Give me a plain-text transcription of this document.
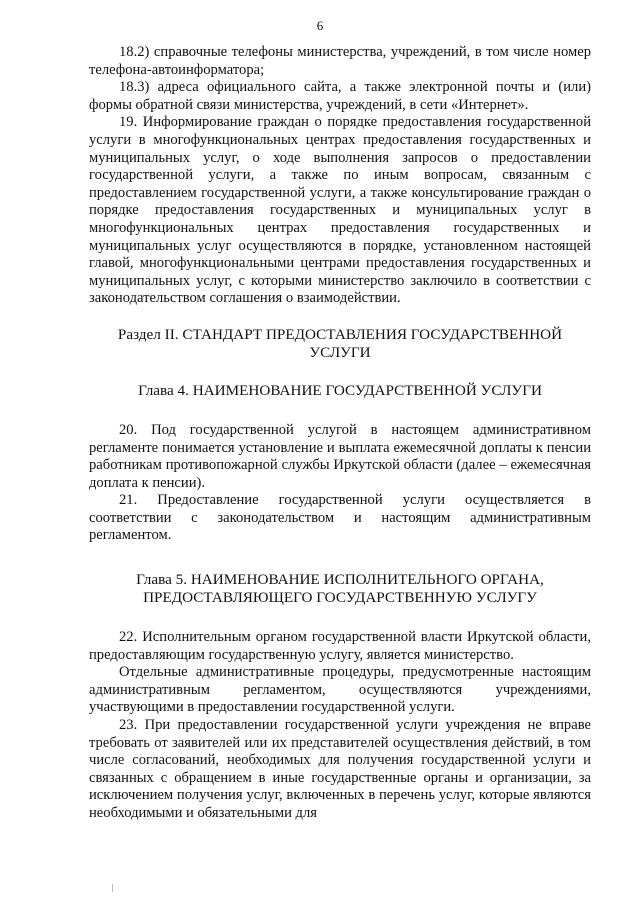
6

18.2) справочные телефоны министерства, учреждений, в том числе номер телефона-автоинформатора;

18.3) адреса официального сайта, а также электронной почты и (или) формы обратной связи министерства, учреждений, в сети «Интернет».

19. Информирование граждан о порядке предоставления государственной услуги в многофункциональных центрах предоставления государственных и муниципальных услуг, о ходе выполнения запросов о предоставлении государственной услуги, а также по иным вопросам, связанным с предоставлением государственной услуги, а также консультирование граждан о порядке предоставления государственных и муниципальных услуг в многофункциональных центрах предоставления государственных и муниципальных услуг осуществляются в порядке, установленном настоящей главой, многофункциональными центрами предоставления государственных и муниципальных услуг, с которыми министерство заключило в соответствии с законодательством соглашения о взаимодействии.

Раздел II. СТАНДАРТ ПРЕДОСТАВЛЕНИЯ ГОСУДАРСТВЕННОЙ УСЛУГИ

Глава 4. НАИМЕНОВАНИЕ ГОСУДАРСТВЕННОЙ УСЛУГИ

20. Под государственной услугой в настоящем административном регламенте понимается установление и выплата ежемесячной доплаты к пенсии работникам противопожарной службы Иркутской области (далее – ежемесячная доплата к пенсии).

21. Предоставление государственной услуги осуществляется в соответствии с законодательством и настоящим административным регламентом.

Глава 5. НАИМЕНОВАНИЕ ИСПОЛНИТЕЛЬНОГО ОРГАНА, ПРЕДОСТАВЛЯЮЩЕГО ГОСУДАРСТВЕННУЮ УСЛУГУ

22. Исполнительным органом государственной власти Иркутской области, предоставляющим государственную услугу, является министерство.

Отдельные административные процедуры, предусмотренные настоящим административным регламентом, осуществляются учреждениями, участвующими в предоставлении государственной услуги.

23. При предоставлении государственной услуги учреждения не вправе требовать от заявителей или их представителей осуществления действий, в том числе согласований, необходимых для получения государственной услуги и связанных с обращением в иные государственные органы и организации, за исключением получения услуг, включенных в перечень услуг, которые являются необходимыми и обязательными для
